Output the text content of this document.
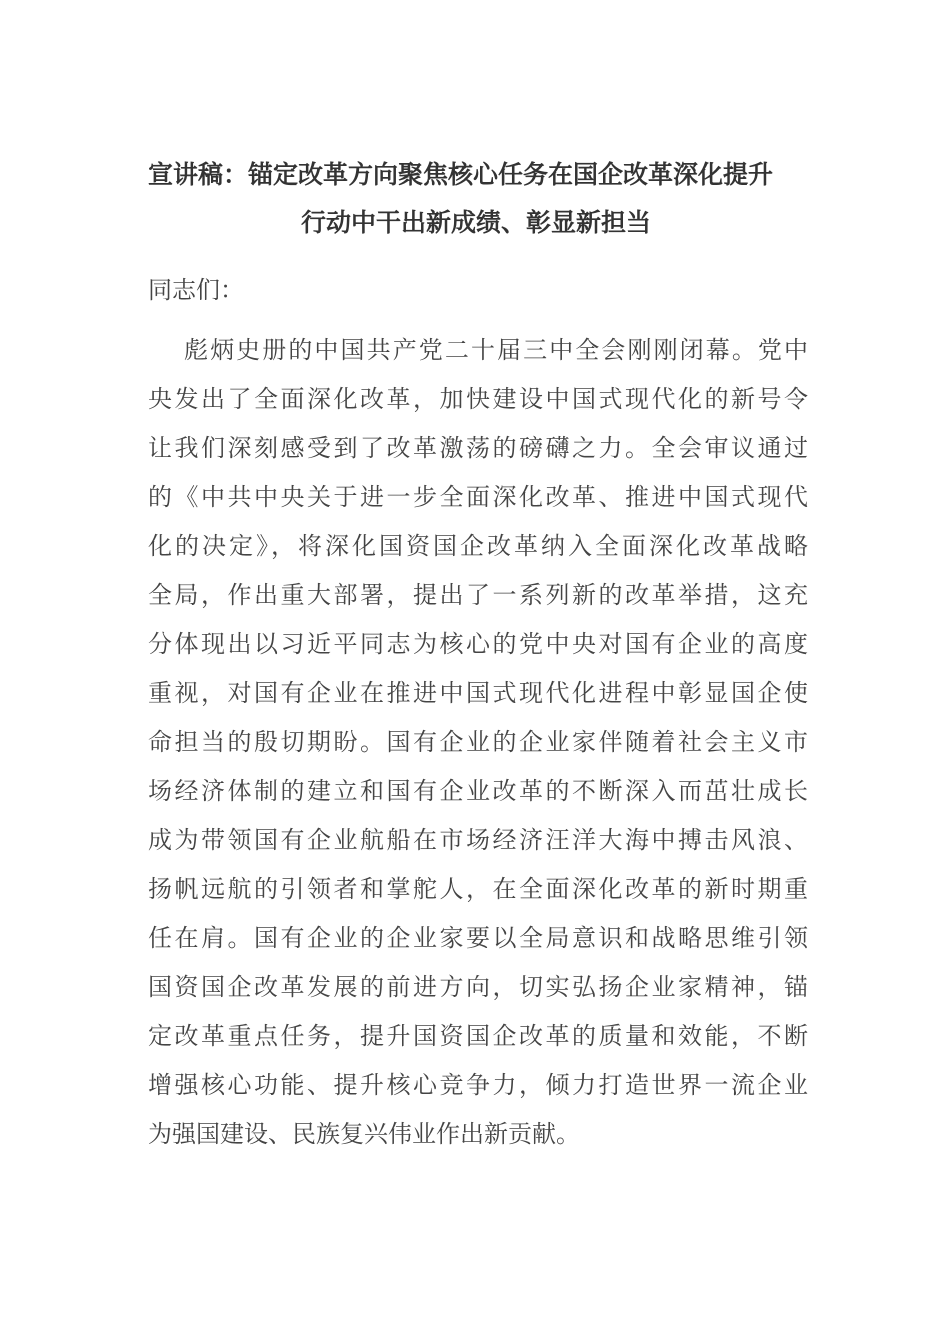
宣讲稿：锚定改革方向聚焦核心任务在国企改革深化提升
行动中干出新成绩、彰显新担当
同志们：
彪炳史册的中国共产党二十届三中全会刚刚闭幕。党中
央发出了全面深化改革，加快建设中国式现代化的新号令
让我们深刻感受到了改革激荡的磅礴之力。全会审议通过
的《中共中央关于进一步全面深化改革、推进中国式现代
化的决定》，将深化国资国企改革纳入全面深化改革战略
全局，作出重大部署，提出了一系列新的改革举措，这充
分体现出以习近平同志为核心的党中央对国有企业的高度
重视，对国有企业在推进中国式现代化进程中彰显国企使
命担当的殷切期盼。国有企业的企业家伴随着社会主义市
场经济体制的建立和国有企业改革的不断深入而茁壮成长
成为带领国有企业航船在市场经济汪洋大海中搏击风浪、
扬帆远航的引领者和掌舵人，在全面深化改革的新时期重
任在肩。国有企业的企业家要以全局意识和战略思维引领
国资国企改革发展的前进方向，切实弘扬企业家精神，锚
定改革重点任务，提升国资国企改革的质量和效能，不断
增强核心功能、提升核心竞争力，倾力打造世界一流企业
为强国建设、民族复兴伟业作出新贡献。
